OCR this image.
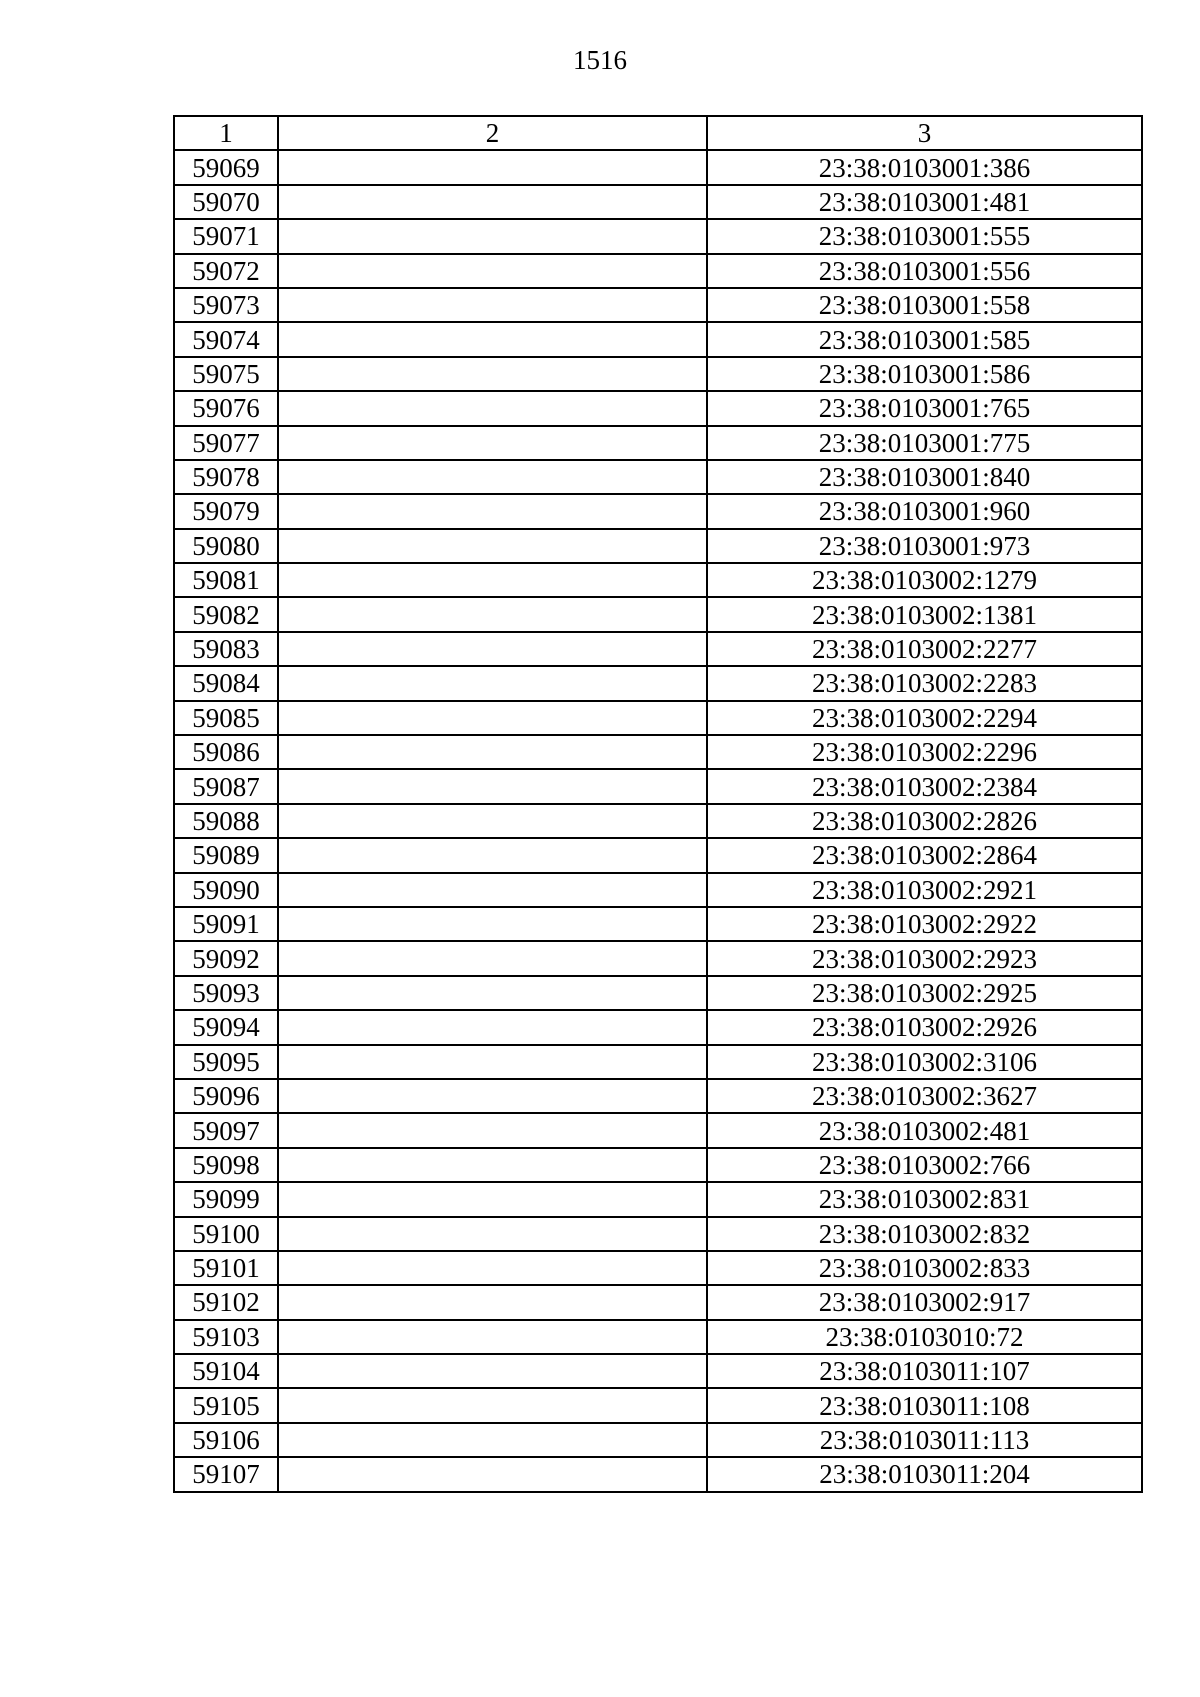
1516
1	2	3
59069		23:38:0103001:386
59070		23:38:0103001:481
59071		23:38:0103001:555
59072		23:38:0103001:556
59073		23:38:0103001:558
59074		23:38:0103001:585
59075		23:38:0103001:586
59076		23:38:0103001:765
59077		23:38:0103001:775
59078		23:38:0103001:840
59079		23:38:0103001:960
59080		23:38:0103001:973
59081		23:38:0103002:1279
59082		23:38:0103002:1381
59083		23:38:0103002:2277
59084		23:38:0103002:2283
59085		23:38:0103002:2294
59086		23:38:0103002:2296
59087		23:38:0103002:2384
59088		23:38:0103002:2826
59089		23:38:0103002:2864
59090		23:38:0103002:2921
59091		23:38:0103002:2922
59092		23:38:0103002:2923
59093		23:38:0103002:2925
59094		23:38:0103002:2926
59095		23:38:0103002:3106
59096		23:38:0103002:3627
59097		23:38:0103002:481
59098		23:38:0103002:766
59099		23:38:0103002:831
59100		23:38:0103002:832
59101		23:38:0103002:833
59102		23:38:0103002:917
59103		23:38:0103010:72
59104		23:38:0103011:107
59105		23:38:0103011:108
59106		23:38:0103011:113
59107		23:38:0103011:204
